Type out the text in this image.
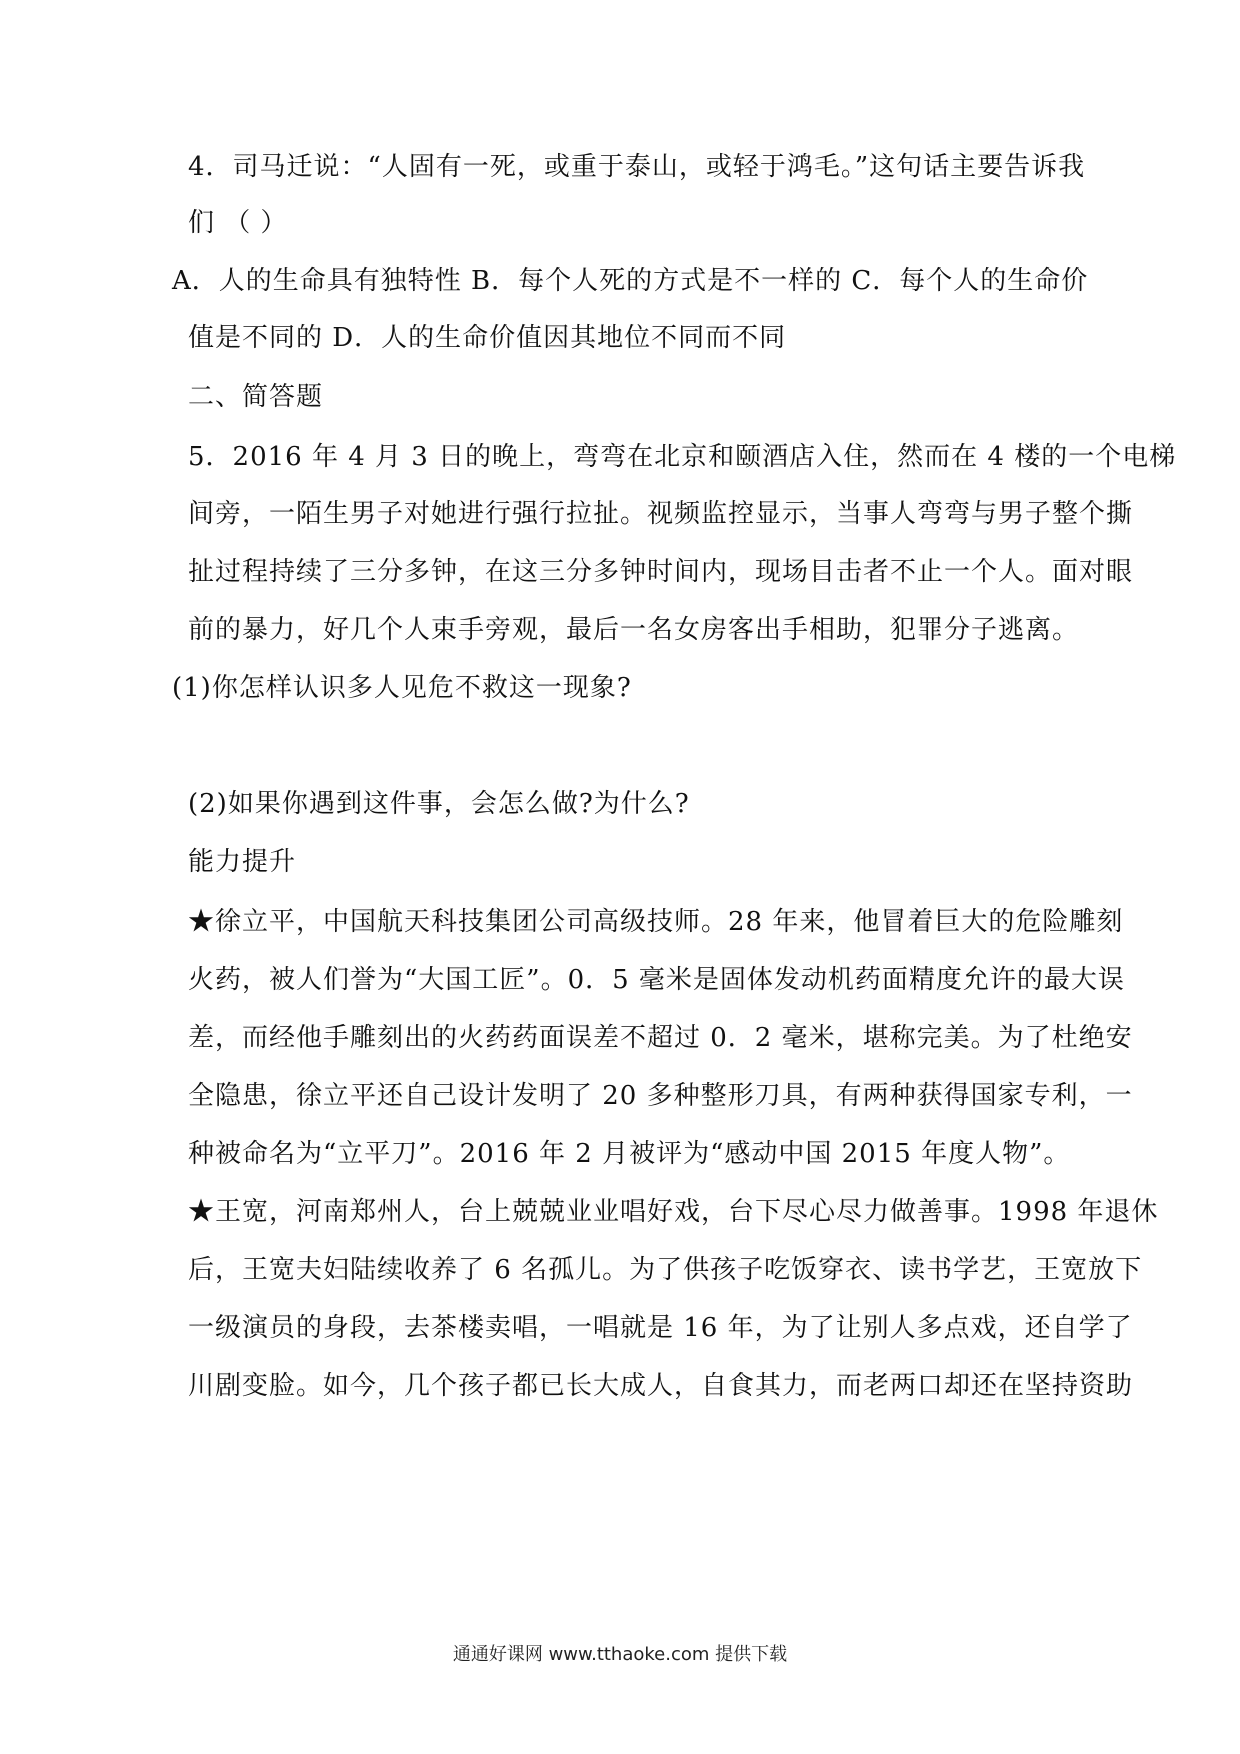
4．司马迁说：“人固有一死，或重于泰山，或轻于鸿毛。”这句话主要告诉我
们 （ ）
A．人的生命具有独特性 B．每个人死的方式是不一样的 C．每个人的生命价
值是不同的 D．人的生命价值因其地位不同而不同
二、简答题
5．2016 年 4 月 3 日的晚上，弯弯在北京和颐酒店入住，然而在 4 楼的一个电梯
间旁，一陌生男子对她进行强行拉扯。视频监控显示，当事人弯弯与男子整个撕
扯过程持续了三分多钟，在这三分多钟时间内，现场目击者不止一个人。面对眼
前的暴力，好几个人束手旁观，最后一名女房客出手相助，犯罪分子逃离。
(1)你怎样认识多人见危不救这一现象?
(2)如果你遇到这件事，会怎么做?为什么?
能力提升
★徐立平，中国航天科技集团公司高级技师。28 年来，他冒着巨大的危险雕刻
火药，被人们誉为“大国工匠”。0．5 毫米是固体发动机药面精度允许的最大误
差，而经他手雕刻出的火药药面误差不超过 0．2 毫米，堪称完美。为了杜绝安
全隐患，徐立平还自己设计发明了 20 多种整形刀具，有两种获得国家专利，一
种被命名为“立平刀”。2016 年 2 月被评为“感动中国 2015 年度人物”。
★王宽，河南郑州人，台上兢兢业业唱好戏，台下尽心尽力做善事。1998 年退休
后，王宽夫妇陆续收养了 6 名孤儿。为了供孩子吃饭穿衣、读书学艺，王宽放下
一级演员的身段，去茶楼卖唱，一唱就是 16 年，为了让别人多点戏，还自学了
川剧变脸。如今，几个孩子都已长大成人，自食其力，而老两口却还在坚持资助
通通好课网 www.tthaoke.com 提供下载
